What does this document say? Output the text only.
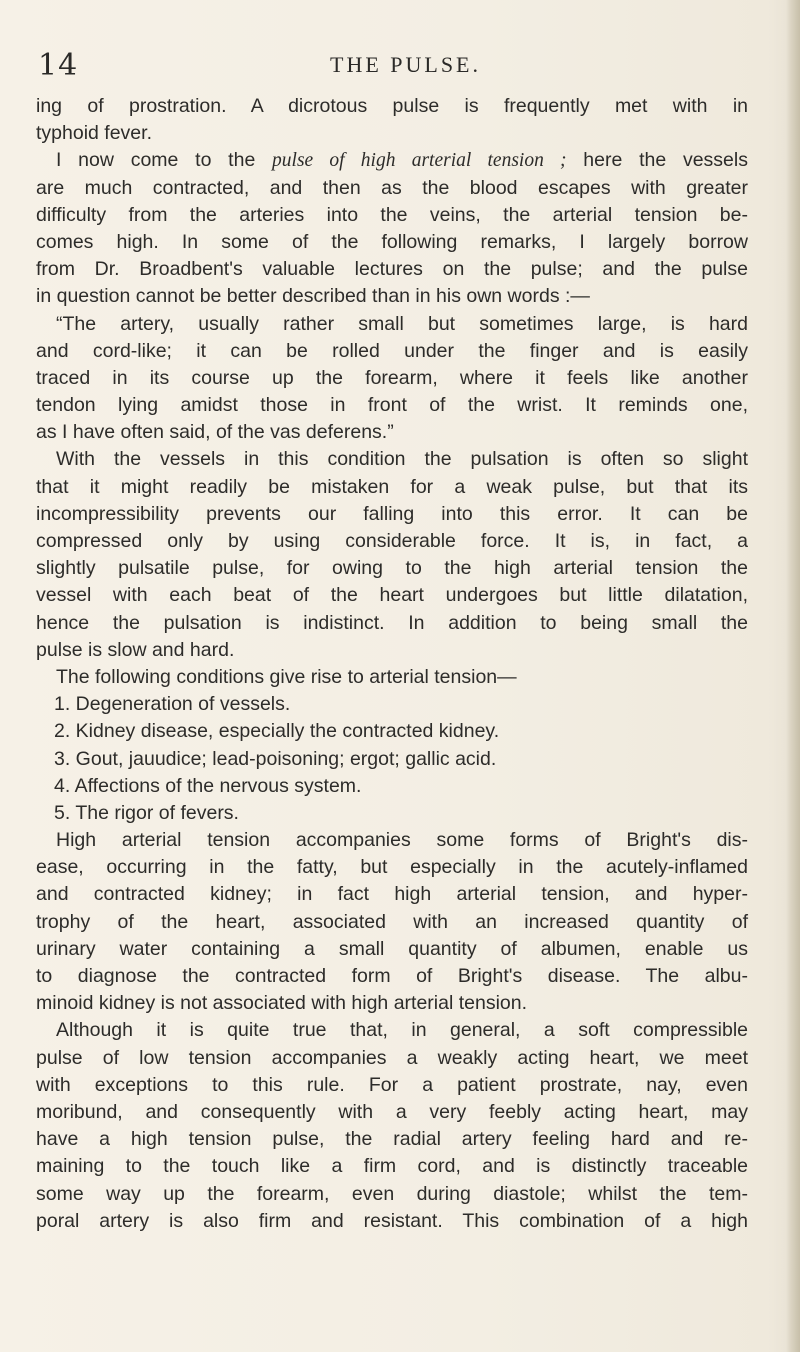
14	THE PULSE.
ing of prostration. A dicrotous pulse is frequently met with in
typhoid fever.
I now come to the pulse of high arterial tension ; here the vessels
are much contracted, and then as the blood escapes with greater
difficulty from the arteries into the veins, the arterial tension be-
comes high. In some of the following remarks, I largely borrow
from Dr. Broadbent's valuable lectures on the pulse; and the pulse
in question cannot be better described than in his own words :—
“The artery, usually rather small but sometimes large, is hard
and cord-like; it can be rolled under the finger and is easily
traced in its course up the forearm, where it feels like another
tendon lying amidst those in front of the wrist. It reminds one,
as I have often said, of the vas deferens.”
With the vessels in this condition the pulsation is often so slight
that it might readily be mistaken for a weak pulse, but that its
incompressibility prevents our falling into this error. It can be
compressed only by using considerable force. It is, in fact, a
slightly pulsatile pulse, for owing to the high arterial tension the
vessel with each beat of the heart undergoes but little dilatation,
hence the pulsation is indistinct. In addition to being small the
pulse is slow and hard.
The following conditions give rise to arterial tension—
1. Degeneration of vessels.
2. Kidney disease, especially the contracted kidney.
3. Gout, jauudice; lead-poisoning; ergot; gallic acid.
4. Affections of the nervous system.
5. The rigor of fevers.
High arterial tension accompanies some forms of Bright's dis-
ease, occurring in the fatty, but especially in the acutely-inflamed
and contracted kidney; in fact high arterial tension, and hyper-
trophy of the heart, associated with an increased quantity of
urinary water containing a small quantity of albumen, enable us
to diagnose the contracted form of Bright's disease. The albu-
minoid kidney is not associated with high arterial tension.
Although it is quite true that, in general, a soft compressible
pulse of low tension accompanies a weakly acting heart, we meet
with exceptions to this rule. For a patient prostrate, nay, even
moribund, and consequently with a very feebly acting heart, may
have a high tension pulse, the radial artery feeling hard and re-
maining to the touch like a firm cord, and is distinctly traceable
some way up the forearm, even during diastole; whilst the tem-
poral artery is also firm and resistant. This combination of a high
